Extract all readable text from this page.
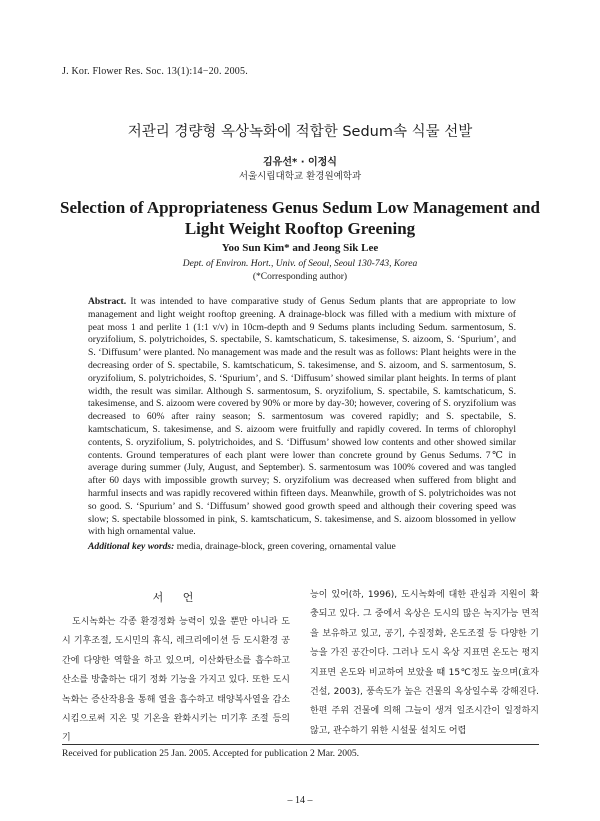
J. Kor. Flower Res. Soc. 13(1):14−20. 2005.
저관리 경량형 옥상녹화에 적합한 Sedum속 식물 선발
김유선* · 이정식
서울시립대학교 환경원예학과
Selection of Appropriateness Genus Sedum Low Management and Light Weight Rooftop Greening
Yoo Sun Kim* and Jeong Sik Lee
Dept. of Environ. Hort., Univ. of Seoul, Seoul 130-743, Korea
(*Corresponding author)
Abstract. It was intended to have comparative study of Genus Sedum plants that are appropriate to low management and light weight rooftop greening. A drainage-block was filled with a medium with mixture of peat moss 1 and perlite 1 (1:1 v/v) in 10cm-depth and 9 Sedums plants including Sedum. sarmentosum, S. oryzifolium, S. polytrichoides, S. spectabile, S. kamtschaticum, S. takesimense, S. aizoom, S. ‘Spurium’, and S. ‘Diffusum’ were planted. No management was made and the result was as follows: Plant heights were in the decreasing order of S. spectabile, S. kamtschaticum, S. takesimense, and S. aizoom, and S. sarmentosum, S. oryzifolium, S. polytrichoides, S. ‘Spurium’, and S. ‘Diffusum’ showed similar plant heights. In terms of plant width, the result was similar. Although S. sarmentosum, S. oryzifolium, S. spectabile, S. kamtschaticum, S. takesimense, and S. aizoom were covered by 90% or more by day-30; however, covering of S. oryzifolium was decreased to 60% after rainy season; S. sarmentosum was covered rapidly; and S. spectabile, S. kamtschaticum, S. takesimense, and S. aizoom were fruitfully and rapidly covered. In terms of chlorophyl contents, S. oryzifolium, S. polytrichoides, and S. ‘Diffusum’ showed low contents and other showed similar contents. Ground temperatures of each plant were lower than concrete ground by Genus Sedums. 7℃ in average during summer (July, August, and September). S. sarmentosum was 100% covered and was tangled after 60 days with impossible growth survey; S. oryzifolium was decreased when suffered from blight and harmful insects and was rapidly recovered within fifteen days. Meanwhile, growth of S. polytrichoides was not so good. S. ‘Spurium’ and S. ‘Diffusum’ showed good growth speed and although their covering speed was slow; S. spectabile blossomed in pink, S. kamtschaticum, S. takesimense, and S. aizoom blossomed in yellow with high ornamental value.
Additional key words: media, drainage-block, green covering, ornamental value
서 언

도시녹화는 각종 환경정화 능력이 있을 뿐만 아니라 도시 기후조절, 도시민의 휴식, 레크리에이션 등 도시환경 공간에 다양한 역할을 하고 있으며, 이산화탄소를 흡수하고 산소를 방출하는 대기 정화 기능을 가지고 있다. 또한 도시녹화는 증산작용을 통해 열을 흡수하고 태양복사열을 감소시킴으로써 지온 및 기온을 완화시키는 미기후 조절 등의 기

능이 있어(하, 1996), 도시녹화에 대한 관심과 지원이 확충되고 있다. 그 중에서 옥상은 도시의 많은 녹지가능 면적을 보유하고 있고, 공기, 수질정화, 온도조절 등 다양한 기능을 가진 공간이다. 그러나 도시 옥상 지표면 온도는 평지 지표면 온도와 비교하여 보았을 때 15℃정도 높으며(효자건설, 2003), 풍속도가 높은 건물의 옥상일수록 강해진다. 한편 주위 건물에 의해 그늘이 생겨 일조시간이 일정하지 않고, 관수하기 위한 시설물 설치도 어렵

Received for publication 25 Jan. 2005. Accepted for publication 2 Mar. 2005.
– 14 –
